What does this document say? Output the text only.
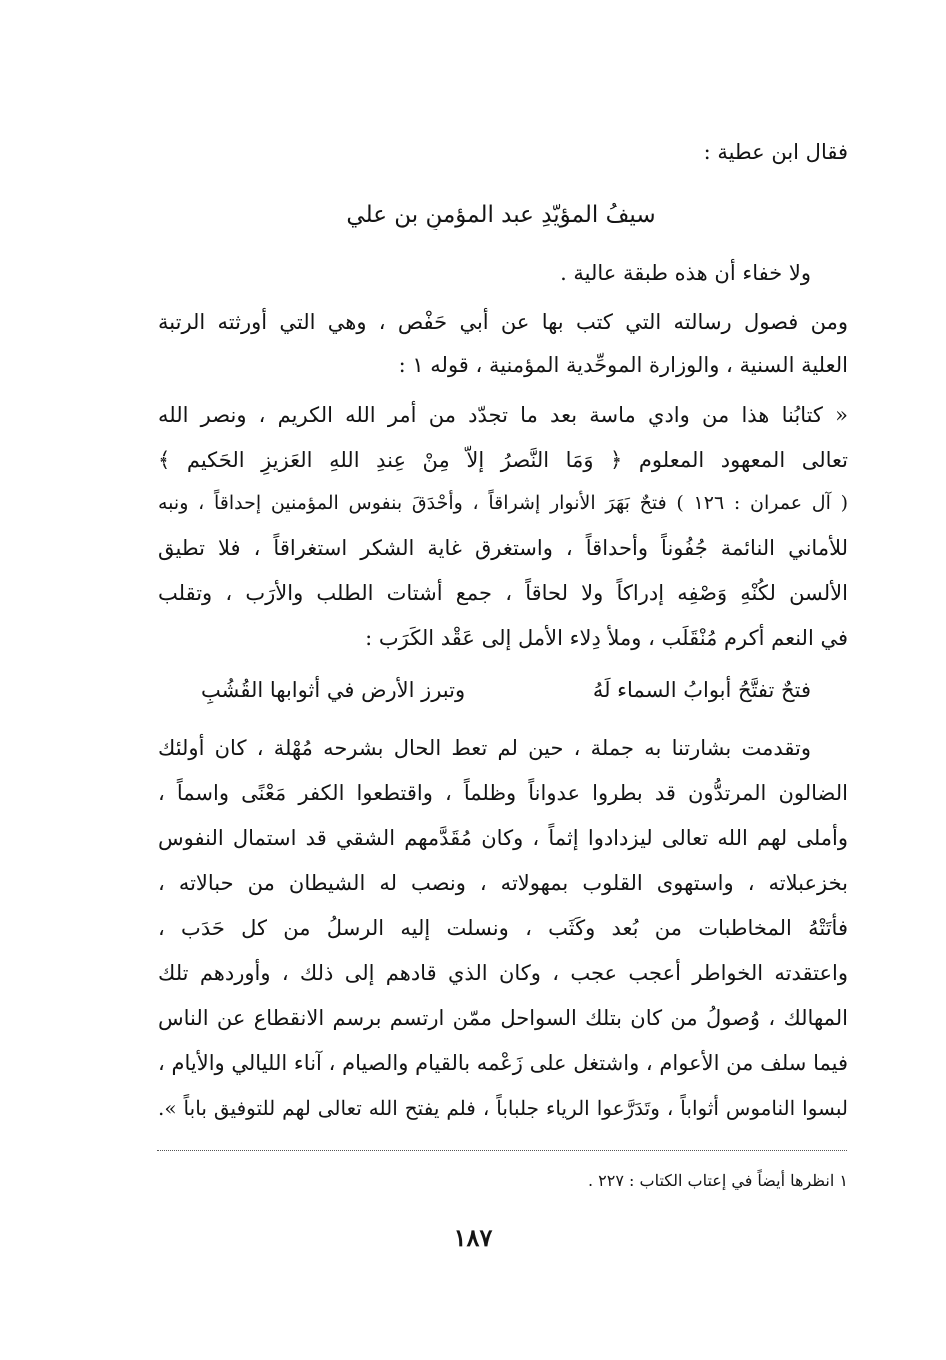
فقال ابن عطية :
سيفُ المؤيّدِ عبد المؤمنِ بن علي
ولا خفاء أن هذه طبقة عالية .
ومن فصول رسالته التي كتب بها عن أبي حَفْص ، وهي التي أورثته الرتبة
العلية السنية ، والوزارة الموحِّدية المؤمنية ، قوله ١ :
« كتابُنا هذا من وادي ماسة بعد ما تجدّد من أمر الله الكريم ، ونصر الله
تعالى المعهود المعلوم ﴿ وَمَا النَّصرُ إلاّ مِنْ عِندِ اللهِ العَزيزِ الحَكيم ﴾
( آل عمران : ١٢٦ ) فتحٌ بَهَرَ الأنوار إشراقاً ، وأحْدَقَ بنفوس المؤمنين إحداقاً ، ونبه
للأماني النائمة جُفُوناً وأحداقاً ، واستغرق غاية الشكر استغراقاً ، فلا تطيق
الألسن لكُنْهِ وَصْفِه إدراكاً ولا لحاقاً ، جمع أشتات الطلب والأرَب ، وتقلب
في النعم أكرم مُنْقَلَب ، وملأ دِلاء الأمل إلى عَقْد الكَرَب :
فتحٌ تفتَّحُ أبوابُ السماء لَهُ
وتبرز الأرض في أثوابها القُشُبِ
وتقدمت بشارتنا به جملة ، حين لم تعط الحال بشرحه مُهْلة ، كان أولئك
الضالون المرتدُّون قد بطروا عدواناً وظلماً ، واقتطعوا الكفر مَعْنًى واسماً ،
وأملى لهم الله تعالى ليزدادوا إثماً ، وكان مُقَدَّمهم الشقي قد استمال النفوس
بخزعبلاته ، واستهوى القلوب بمهولاته ، ونصب له الشيطان من حبالاته ،
فأتَتْهُ المخاطبات من بُعد وكَثَب ، ونسلت إليه الرسلُ من كل حَدَب ،
واعتقدته الخواطر أعجب عجب ، وكان الذي قادهم إلى ذلك ، وأوردهم تلك
المهالك ، وُصولُ من كان بتلك السواحل ممّن ارتسم برسم الانقطاع عن الناس
فيما سلف من الأعوام ، واشتغل على زَعْمه بالقيام والصيام ، آناء الليالي والأيام ،
لبسوا الناموس أثواباً ، وتَدَرَّعوا الرياء جلباباً ، فلم يفتح الله تعالى لهم للتوفيق باباً ».
١ انظرها أيضاً في إعتاب الكتاب : ٢٢٧ .
١٨٧
